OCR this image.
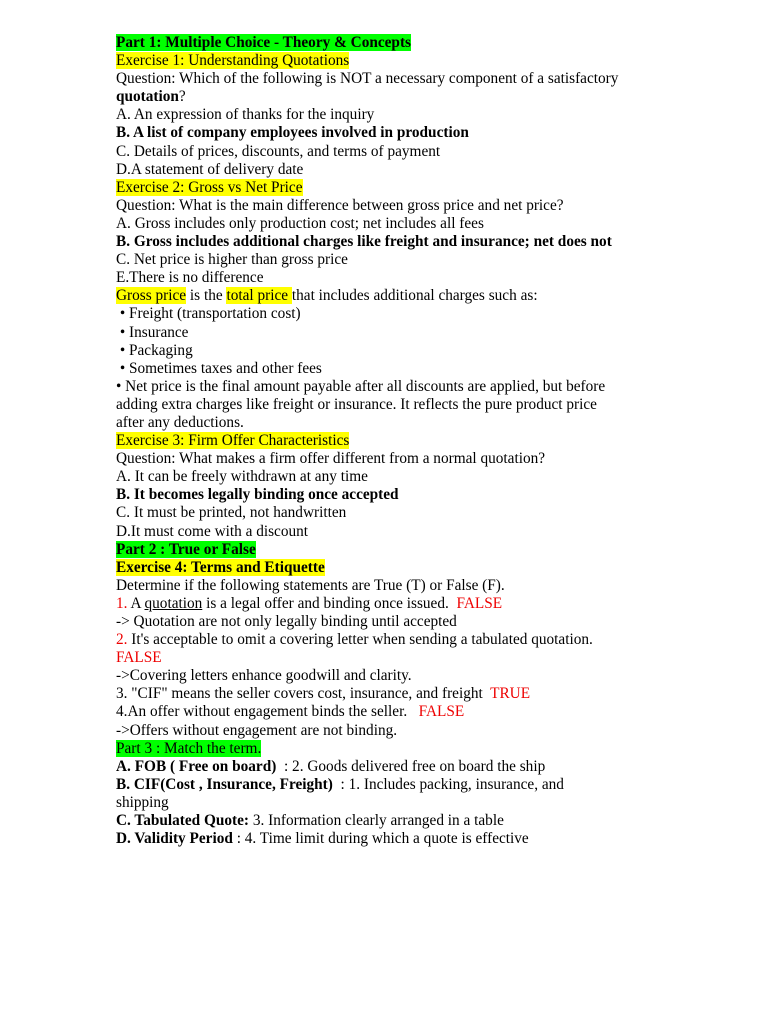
Part 1: Multiple Choice - Theory & Concepts
Exercise 1: Understanding Quotations
Question: Which of the following is NOT a necessary component of a satisfactory quotation?
A. An expression of thanks for the inquiry
B. A list of company employees involved in production
C. Details of prices, discounts, and terms of payment
D.A statement of delivery date
Exercise 2: Gross vs Net Price
Question: What is the main difference between gross price and net price?
A. Gross includes only production cost; net includes all fees
B. Gross includes additional charges like freight and insurance; net does not
C. Net price is higher than gross price
E.There is no difference
Gross price is the total price that includes additional charges such as:
• Freight (transportation cost)
• Insurance
• Packaging
• Sometimes taxes and other fees
• Net price is the final amount payable after all discounts are applied, but before adding extra charges like freight or insurance. It reflects the pure product price after any deductions.
Exercise 3: Firm Offer Characteristics
Question: What makes a firm offer different from a normal quotation?
A. It can be freely withdrawn at any time
B. It becomes legally binding once accepted
C. It must be printed, not handwritten
D.It must come with a discount
Part 2 : True or False
Exercise 4: Terms and Etiquette
Determine if the following statements are True (T) or False (F).
1. A quotation is a legal offer and binding once issued.  FALSE
-> Quotation are not only legally binding until accepted
2. It's acceptable to omit a covering letter when sending a tabulated quotation.
FALSE
->Covering letters enhance goodwill and clarity.
3. "CIF" means the seller covers cost, insurance, and freight  TRUE
4.An offer without engagement binds the seller.   FALSE
->Offers without engagement are not binding.
Part 3 : Match the term.
A. FOB ( Free on board)  : 2. Goods delivered free on board the ship
B. CIF(Cost , Insurance, Freight)  : 1. Includes packing, insurance, and shipping
C. Tabulated Quote: 3. Information clearly arranged in a table
D. Validity Period : 4. Time limit during which a quote is effective
